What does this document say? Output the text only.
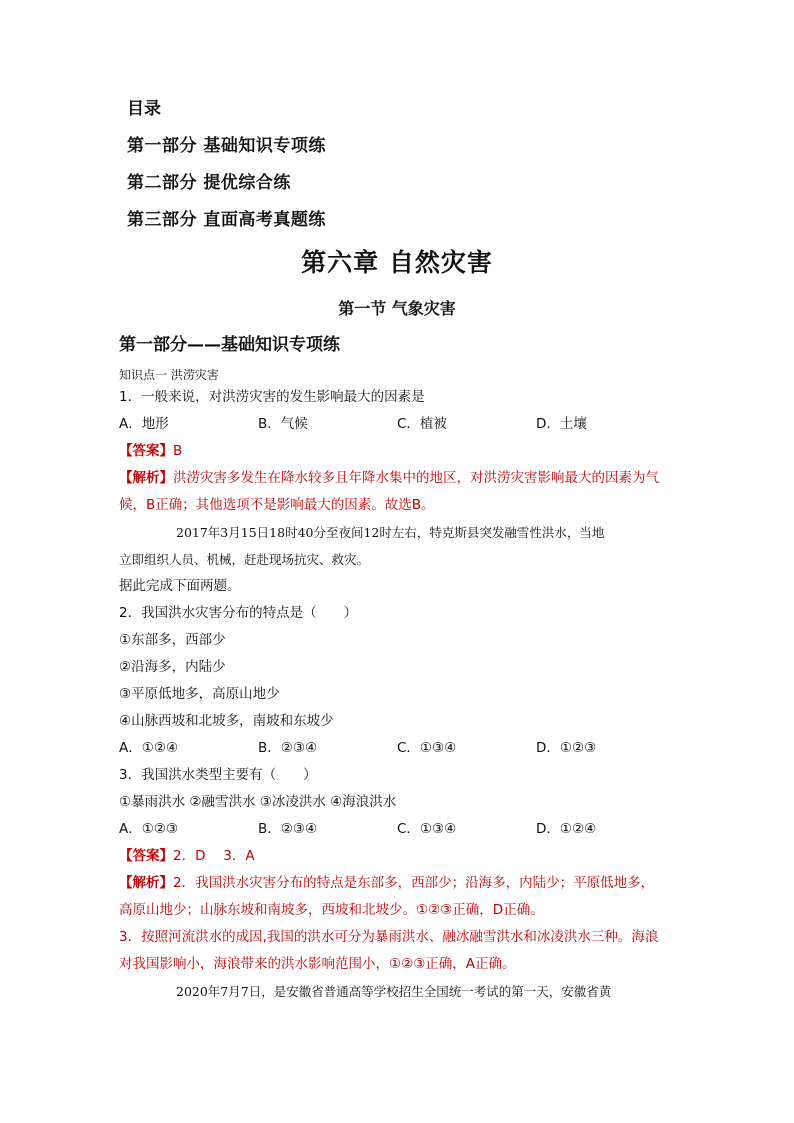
目录
第一部分 基础知识专项练
第二部分 提优综合练
第三部分 直面高考真题练
第六章 自然灾害
第一节 气象灾害
第一部分——基础知识专项练
知识点一 洪涝灾害
1．一般来说，对洪涝灾害的发生影响最大的因素是
A．地形	B．气候	C．植被	D．土壤
【答案】B
【解析】洪涝灾害多发生在降水较多且年降水集中的地区，对洪涝灾害影响最大的因素为气
候，B正确；其他选项不是影响最大的因素。故选B。
2017年3月15日18时40分至夜间12时左右，特克斯县突发融雪性洪水，当地
立即组织人员、机械，赶赴现场抗灾、救灾。
据此完成下面两题。
2．我国洪水灾害分布的特点是（　　）
①东部多，西部少
②沿海多，内陆少
③平原低地多，高原山地少
④山脉西坡和北坡多，南坡和东坡少
A．①②④	B．②③④	C．①③④	D．①②③
3．我国洪水类型主要有（　　）
①暴雨洪水 ②融雪洪水 ③冰凌洪水 ④海浪洪水
A．①②③	B．②③④	C．①③④	D．①②④
【答案】2．D　 3．A
【解析】2．我国洪水灾害分布的特点是东部多，西部少；沿海多，内陆少；平原低地多，
高原山地少；山脉东坡和南坡多，西坡和北坡少。①②③正确，D正确。
3．按照河流洪水的成因,我国的洪水可分为暴雨洪水、融冰融雪洪水和冰凌洪水三种。海浪
对我国影响小，海浪带来的洪水影响范围小，①②③正确，A正确。
2020年7月7日，是安徽省普通高等学校招生全国统一考试的第一天，安徽省黄
